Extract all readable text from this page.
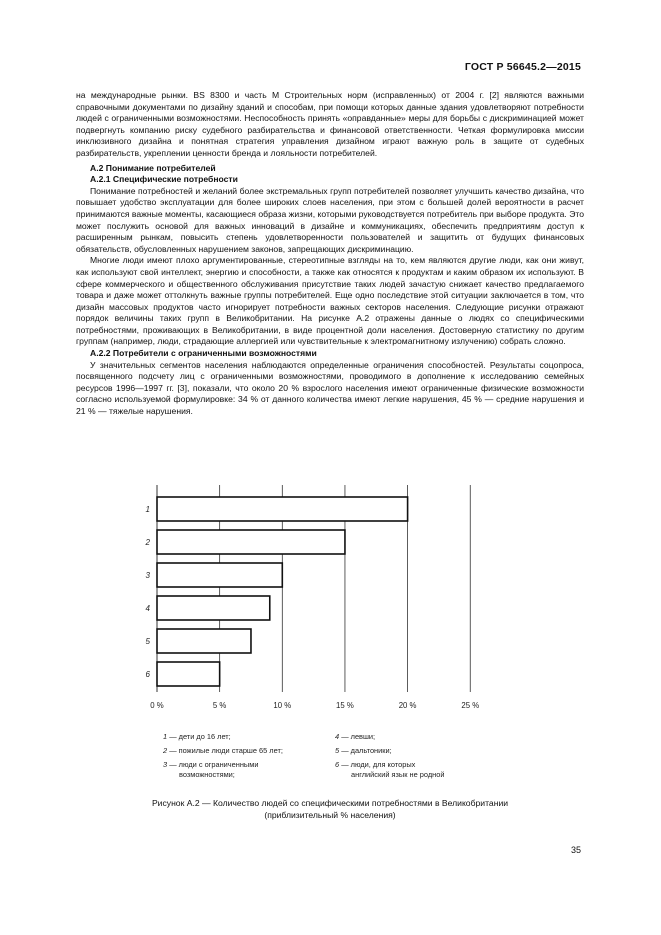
ГОСТ Р 56645.2—2015

на международные рынки. BS 8300 и часть М Строительных норм (исправленных) от 2004 г. [2] являются важными справочными документами по дизайну зданий и способам, при помощи которых данные здания удовлетворяют потребности людей с ограниченными возможностями. Неспособность принять «оправданные» меры для борьбы с дискриминацией может подвергнуть компанию риску судебного разбирательства и финансовой ответственности. Четкая формулировка миссии инклюзивного дизайна и понятная стратегия управления дизайном играют важную роль в защите от судебных разбирательств, укреплении ценности бренда и лояльности потребителей.

А.2 Понимание потребителей
А.2.1 Специфические потребности

Понимание потребностей и желаний более экстремальных групп потребителей позволяет улучшить качество дизайна, что повышает удобство эксплуатации для более широких слоев населения, при этом с большей долей вероятности в расчет принимаются важные моменты, касающиеся образа жизни, которыми руководствуется потребитель при выборе продукта. Это может послужить основой для важных инноваций в дизайне и коммуникациях, обеспечить предприятиям доступ к расширенным рынкам, повысить степень удовлетворенности пользователей и защитить от будущих финансовых обязательств, обусловленных нарушением законов, запрещающих дискриминацию.

Многие люди имеют плохо аргументированные, стереотипные взгляды на то, кем являются другие люди, как они живут, как используют свой интеллект, энергию и способности, а также как относятся к продуктам и каким образом их используют. В сфере коммерческого и общественного обслуживания присутствие таких людей зачастую снижает качество предлагаемого товара и даже может оттолкнуть важные группы потребителей. Еще одно последствие этой ситуации заключается в том, что дизайн массовых продуктов часто игнорирует потребности важных секторов населения. Следующие рисунки отражают порядок величины таких групп в Великобритании. На рисунке А.2 отражены данные о людях со специфическими потребностями, проживающих в Великобритании, в виде процентной доли населения. Достоверную статистику по другим группам (например, люди, страдающие аллергией или чувствительные к электромагнитному излучению) собрать сложно.

А.2.2 Потребители с ограниченными возможностями

У значительных сегментов населения наблюдаются определенные ограничения способностей. Результаты соцопроса, посвященного подсчету лиц с ограниченными возможностями, проводимого в дополнение к исследованию семейных ресурсов 1996—1997 гг. [3], показали, что около 20 % взрослого населения имеют ограниченные физические возможности согласно используемой формулировке: 34 % от данного количества имеют легкие нарушения, 45 % — средние нарушения и 21 % — тяжелые нарушения.

1
2
3
4
5
6
0 %	5 %	10 %	15 %	20 %	25 %
1 — дети до 16 лет;
2 — пожилые люди старше 65 лет;
3 — люди с ограниченными
возможностями;
4 — левши;
5 — дальтоники;
6 — люди, для которых
английский язык не родной
Рисунок А.2 — Количество людей со специфическими потребностями в Великобритании
(приблизительный % населения)
35
